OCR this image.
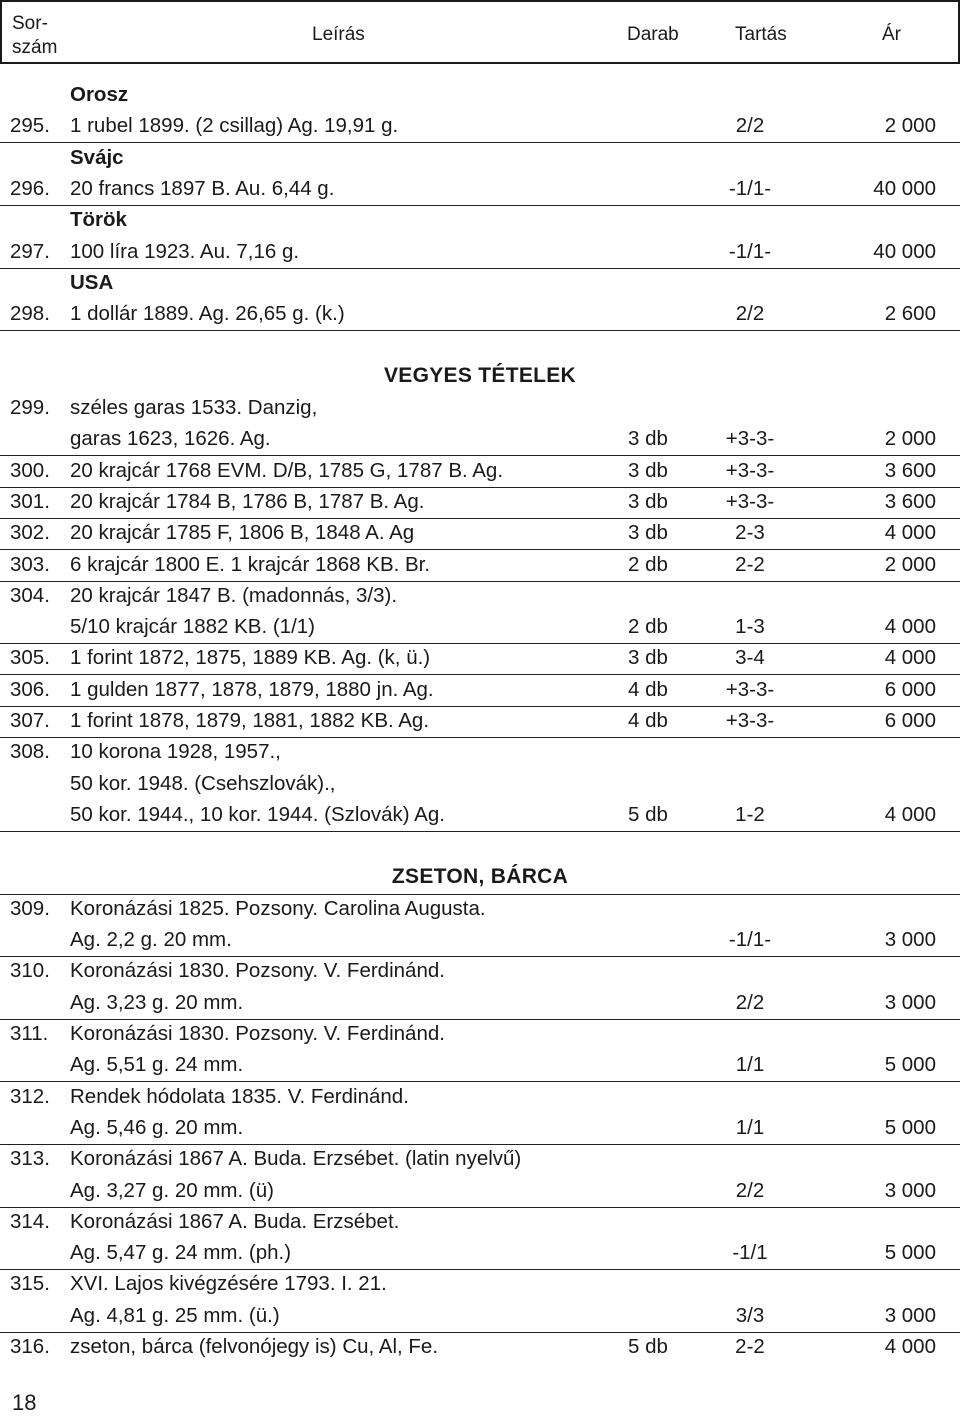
Sor-
szám
Leírás	Darab	Tartás	Ár
Orosz
295. 1 rubel 1899. (2 csillag) Ag. 19,91 g.	2/2	2 000
Svájc
296. 20 francs 1897 B. Au. 6,44 g.	-1/1-	40 000
Török
297. 100 líra 1923. Au. 7,16 g.	-1/1-	40 000
USA
298. 1 dollár 1889. Ag. 26,65 g. (k.)	2/2	2 600
VEGYES TÉTELEK
299. széles garas 1533. Danzig,
garas 1623, 1626. Ag.	3 db	+3-3-	2 000
300. 20 krajcár 1768 EVM. D/B, 1785 G, 1787 B. Ag.	3 db	+3-3-	3 600
301. 20 krajcár 1784 B, 1786 B, 1787 B. Ag.	3 db	+3-3-	3 600
302. 20 krajcár 1785 F, 1806 B, 1848 A. Ag	3 db	2-3	4 000
303. 6 krajcár 1800 E. 1 krajcár 1868 KB. Br.	2 db	2-2	2 000
304. 20 krajcár 1847 B. (madonnás, 3/3).
5/10 krajcár 1882 KB. (1/1)	2 db	1-3	4 000
305. 1 forint 1872, 1875, 1889 KB. Ag. (k, ü.)	3 db	3-4	4 000
306. 1 gulden 1877, 1878, 1879, 1880 jn. Ag.	4 db	+3-3-	6 000
307. 1 forint 1878, 1879, 1881, 1882 KB. Ag.	4 db	+3-3-	6 000
308. 10 korona 1928, 1957.,
50 kor. 1948. (Csehszlovák).,
50 kor. 1944., 10 kor. 1944. (Szlovák) Ag.	5 db	1-2	4 000
ZSETON, BÁRCA
309. Koronázási 1825. Pozsony. Carolina Augusta.
Ag. 2,2 g. 20 mm.	-1/1-	3 000
310. Koronázási 1830. Pozsony. V. Ferdinánd.
Ag. 3,23 g. 20 mm.	2/2	3 000
311. Koronázási 1830. Pozsony. V. Ferdinánd.
Ag. 5,51 g. 24 mm.	1/1	5 000
312. Rendek hódolata 1835. V. Ferdinánd.
Ag. 5,46 g. 20 mm.	1/1	5 000
313. Koronázási 1867 A. Buda. Erzsébet. (latin nyelvű)
Ag. 3,27 g. 20 mm. (ü)	2/2	3 000
314. Koronázási 1867 A. Buda. Erzsébet.
Ag. 5,47 g. 24 mm. (ph.)	-1/1	5 000
315. XVI. Lajos kivégzésére 1793. I. 21.
Ag. 4,81 g. 25 mm. (ü.)	3/3	3 000
316. zseton, bárca (felvonójegy is) Cu, Al, Fe.	5 db	2-2	4 000
18
